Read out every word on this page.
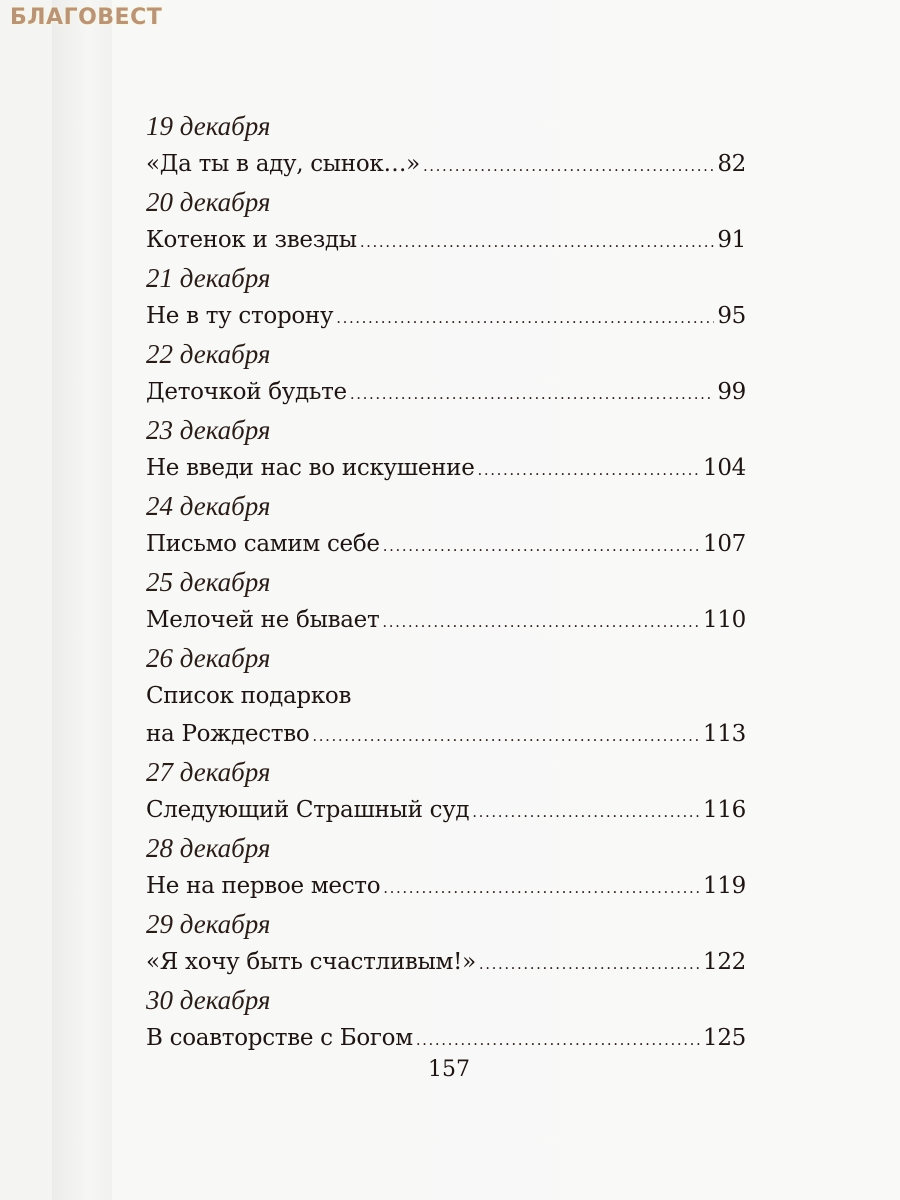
БЛАГОВЕСТ
19 декабря
«Да ты в аду, сынок…» .....	82
20 декабря
Котенок и звезды .....	91
21 декабря
Не в ту сторону .....	95
22 декабря
Деточкой будьте .....	99
23 декабря
Не введи нас во искушение .....	104
24 декабря
Письмо самим себе .....	107
25 декабря
Мелочей не бывает .....	110
26 декабря
Список подарков
на Рождество .....	113
27 декабря
Следующий Страшный суд .....	116
28 декабря
Не на первое место .....	119
29 декабря
«Я хочу быть счастливым!» .....	122
30 декабря
В соавторстве с Богом .....	125
157
